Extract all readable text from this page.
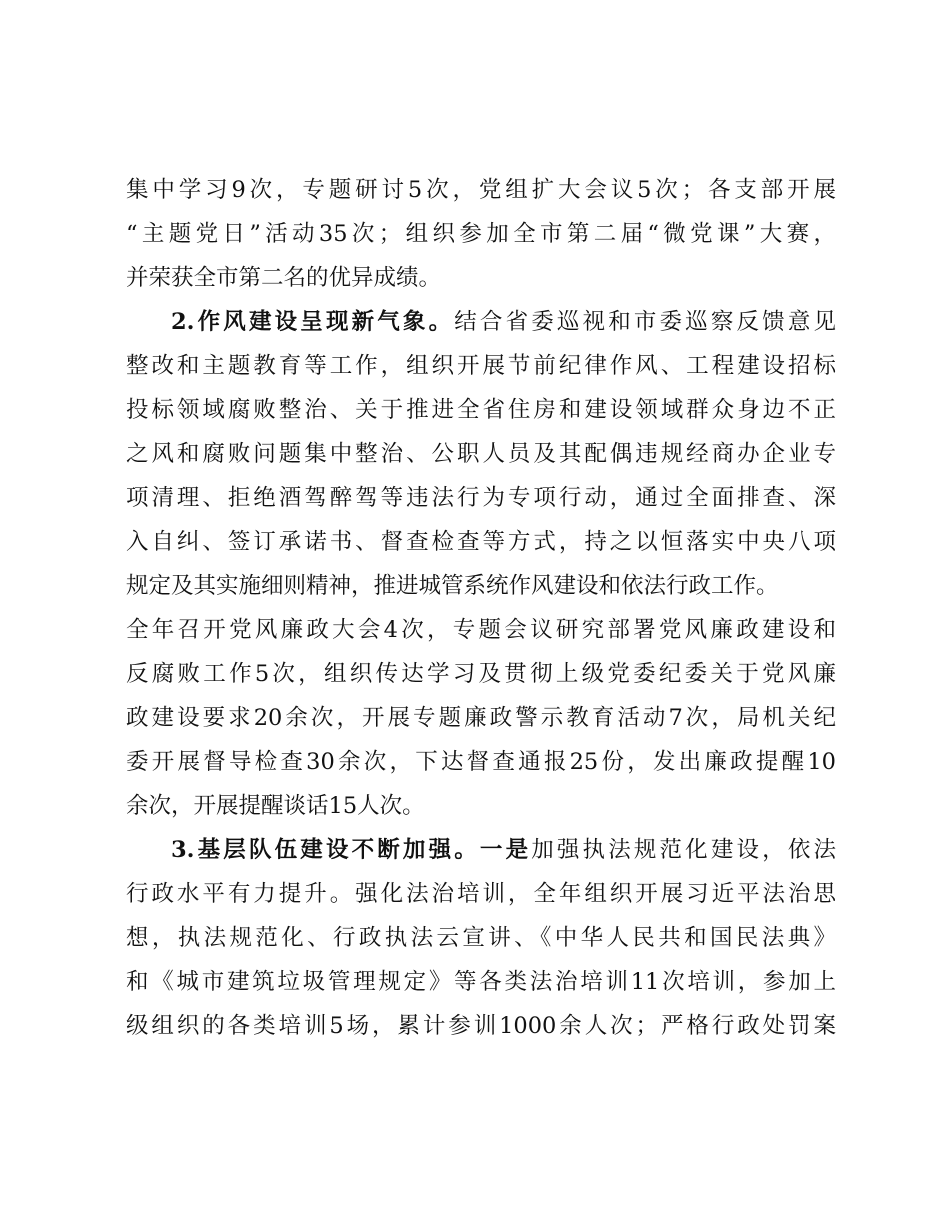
集中学习9次，专题研讨5次，党组扩大会议5次；各支部开展
“主题党日”活动35次；组织参加全市第二届“微党课”大赛，
并荣获全市第二名的优异成绩。
2.作风建设呈现新气象。结合省委巡视和市委巡察反馈意见
整改和主题教育等工作，组织开展节前纪律作风、工程建设招标
投标领域腐败整治、关于推进全省住房和建设领域群众身边不正
之风和腐败问题集中整治、公职人员及其配偶违规经商办企业专
项清理、拒绝酒驾醉驾等违法行为专项行动，通过全面排查、深
入自纠、签订承诺书、督查检查等方式，持之以恒落实中央八项
规定及其实施细则精神，推进城管系统作风建设和依法行政工作。
全年召开党风廉政大会4次，专题会议研究部署党风廉政建设和
反腐败工作5次，组织传达学习及贯彻上级党委纪委关于党风廉
政建设要求20余次，开展专题廉政警示教育活动7次，局机关纪
委开展督导检查30余次，下达督查通报25份，发出廉政提醒10
余次，开展提醒谈话15人次。
3.基层队伍建设不断加强。一是加强执法规范化建设，依法
行政水平有力提升。强化法治培训，全年组织开展习近平法治思
想，执法规范化、行政执法云宣讲、《中华人民共和国民法典》
和《城市建筑垃圾管理规定》等各类法治培训11次培训，参加上
级组织的各类培训5场，累计参训1000余人次；严格行政处罚案
